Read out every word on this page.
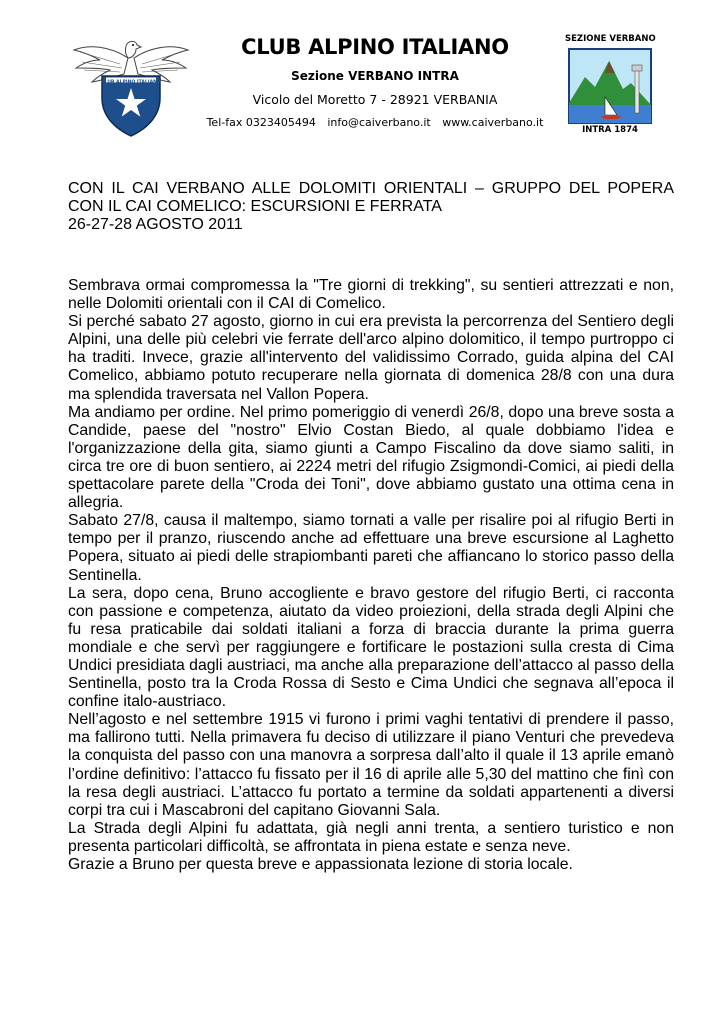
CLUB ALPINO ITALIANO
CLUB ALPINO ITALIANO
Sezione VERBANO INTRA
Vicolo del Moretto 7 - 28921 VERBANIA
Tel-fax 0323405494 info@caiverbano.it www.caiverbano.it
SEZIONE VERBANO
INTRA 1874
CON IL CAI VERBANO ALLE DOLOMITI ORIENTALI – GRUPPO DEL POPERA CON IL CAI COMELICO: ESCURSIONI E FERRATA
26-27-28 AGOSTO 2011

Sembrava ormai compromessa la "Tre giorni di trekking", su sentieri attrezzati e non, nelle Dolomiti orientali con il CAI di Comelico.

Si perché sabato 27 agosto, giorno in cui era prevista la percorrenza del Sentiero degli Alpini, una delle più celebri vie ferrate dell'arco alpino dolomitico, il tempo purtroppo ci ha traditi. Invece, grazie all'intervento del validissimo Corrado, guida alpina del CAI Comelico, abbiamo potuto recuperare nella giornata di domenica 28/8 con una dura ma splendida traversata nel Vallon Popera.

Ma andiamo per ordine. Nel primo pomeriggio di venerdì 26/8, dopo una breve sosta a Candide, paese del "nostro" Elvio Costan Biedo, al quale dobbiamo l'idea e l'organizzazione della gita, siamo giunti a Campo Fiscalino da dove siamo saliti, in circa tre ore di buon sentiero, ai 2224 metri del rifugio Zsigmondi-Comici, ai piedi della spettacolare parete della "Croda dei Toni", dove abbiamo gustato una ottima cena in allegria.

Sabato 27/8, causa il maltempo, siamo tornati a valle per risalire poi al rifugio Berti in tempo per il pranzo, riuscendo anche ad effettuare una breve escursione al Laghetto Popera, situato ai piedi delle strapiombanti pareti che affiancano lo storico passo della Sentinella.

La sera, dopo cena, Bruno accogliente e bravo gestore del rifugio Berti, ci racconta con passione e competenza, aiutato da video proiezioni, della strada degli Alpini che fu resa praticabile dai soldati italiani a forza di braccia durante la prima guerra mondiale e che servì per raggiungere e fortificare le postazioni sulla cresta di Cima Undici presidiata dagli austriaci, ma anche alla preparazione dell’attacco al passo della Sentinella, posto tra la Croda Rossa di Sesto e Cima Undici che segnava all’epoca il confine italo-austriaco.

Nell’agosto e nel settembre 1915 vi furono i primi vaghi tentativi di prendere il passo, ma fallirono tutti. Nella primavera fu deciso di utilizzare il piano Venturi che prevedeva la conquista del passo con una manovra a sorpresa dall’alto il quale il 13 aprile emanò l’ordine definitivo: l’attacco fu fissato per il 16 di aprile alle 5,30 del mattino che finì con la resa degli austriaci. L’attacco fu portato a termine da soldati appartenenti a diversi corpi tra cui i Mascabroni del capitano Giovanni Sala.

La Strada degli Alpini fu adattata, già negli anni trenta, a sentiero turistico e non presenta particolari difficoltà, se affrontata in piena estate e senza neve.

Grazie a Bruno per questa breve e appassionata lezione di storia locale.
